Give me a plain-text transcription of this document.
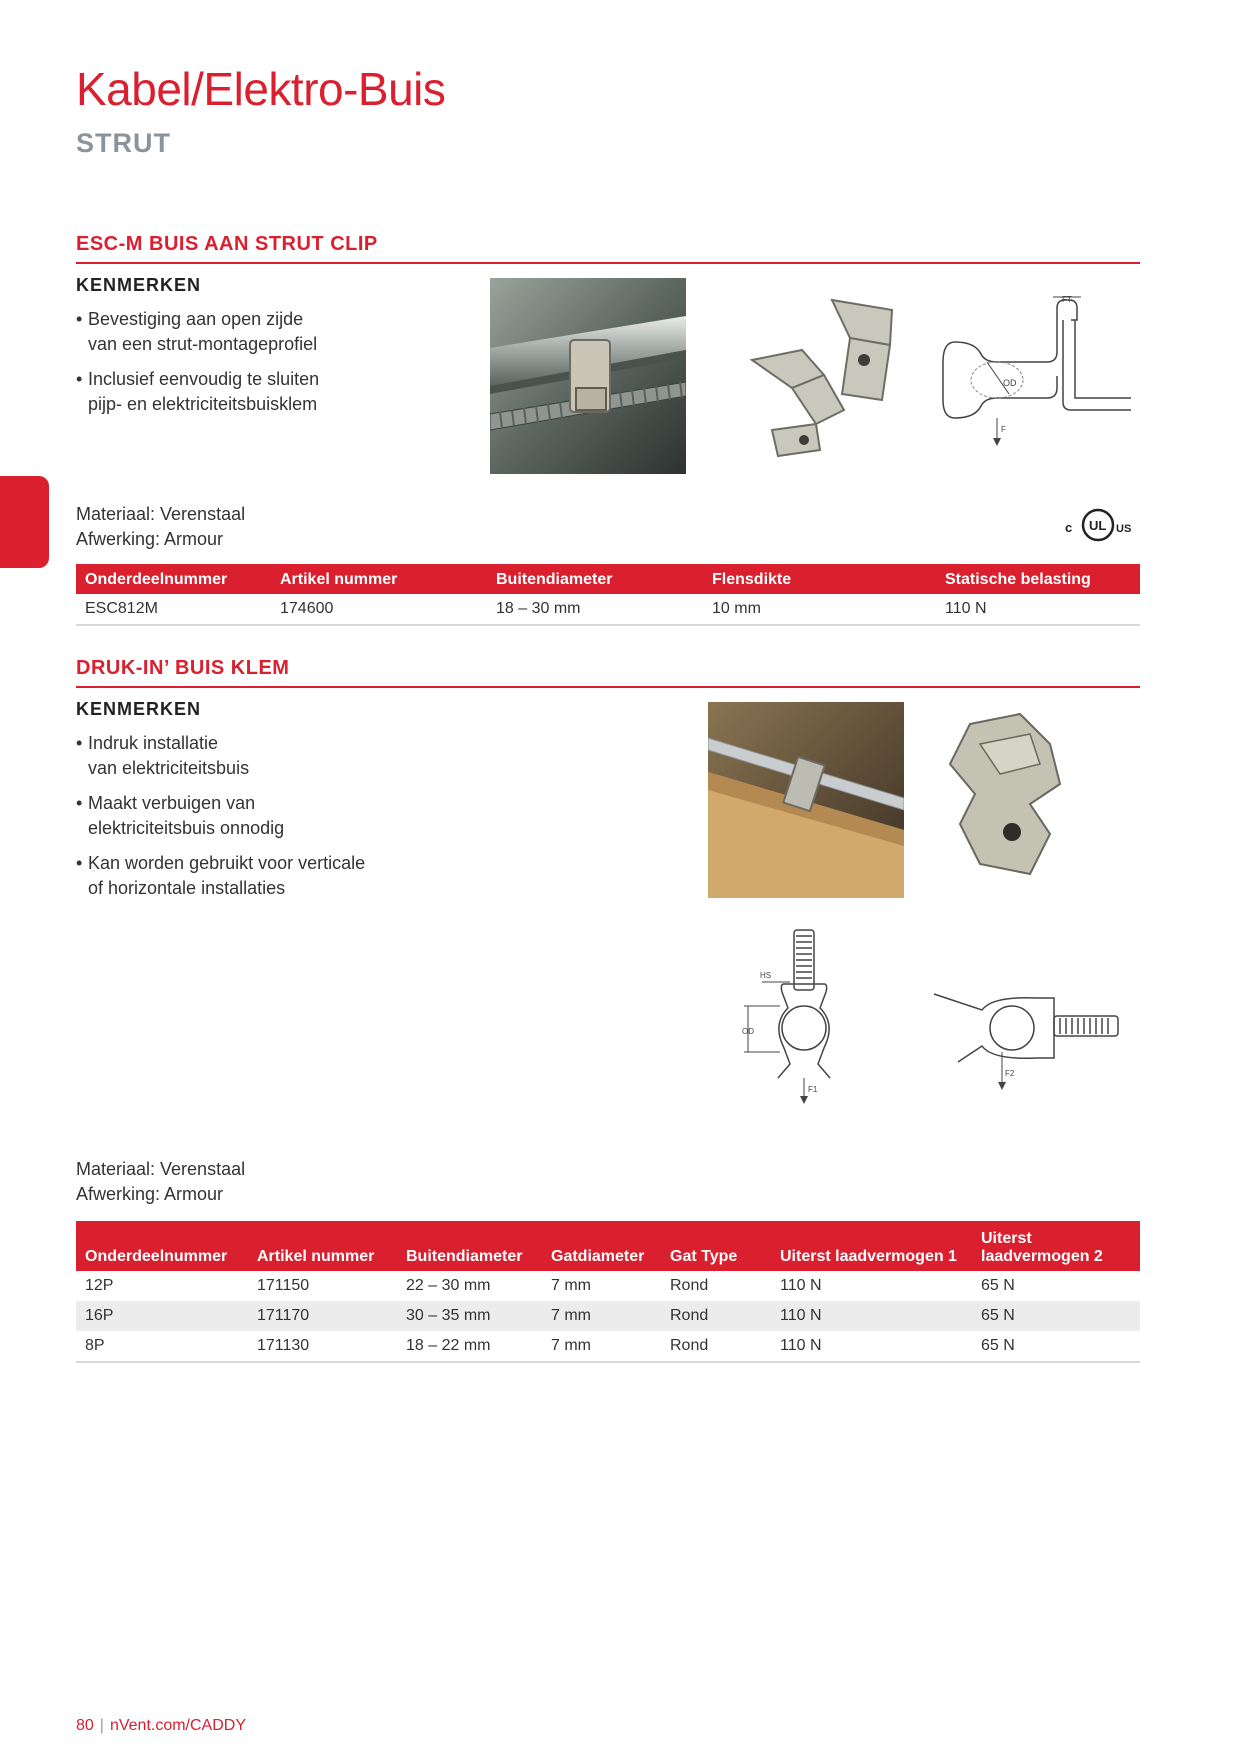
Kabel/Elektro-Buis
STRUT
ESC-M BUIS AAN STRUT CLIP
KENMERKEN
• Bevestiging aan open zijde
van een strut-montageprofiel
• Inclusief eenvoudig te sluiten
pijp- en elektriciteitsbuisklem
OD
FT
F
Materiaal: Verenstaal
Afwerking: Armour
c UL US
Onderdeelnummer	Artikel nummer	Buitendiameter	Flensdikte	Statische belasting
ESC812M	174600	18 – 30 mm	10 mm	110 N
DRUK-IN’ BUIS KLEM
KENMERKEN
• Indruk installatie
van elektriciteitsbuis
• Maakt verbuigen van
elektriciteitsbuis onnodig
• Kan worden gebruikt voor verticale
of horizontale installaties
HS
OD
F1
F2
Materiaal: Verenstaal
Afwerking: Armour
Onderdeelnummer	Artikel nummer	Buitendiameter	Gatdiameter	Gat Type	Uiterst laadvermogen 1	Uiterst
laadvermogen 2
12P	171150	22 – 30 mm	7 mm	Rond	110 N	65 N
16P	171170	30 – 35 mm	7 mm	Rond	110 N	65 N
8P	171130	18 – 22 mm	7 mm	Rond	110 N	65 N
80 | nVent.com/CADDY
